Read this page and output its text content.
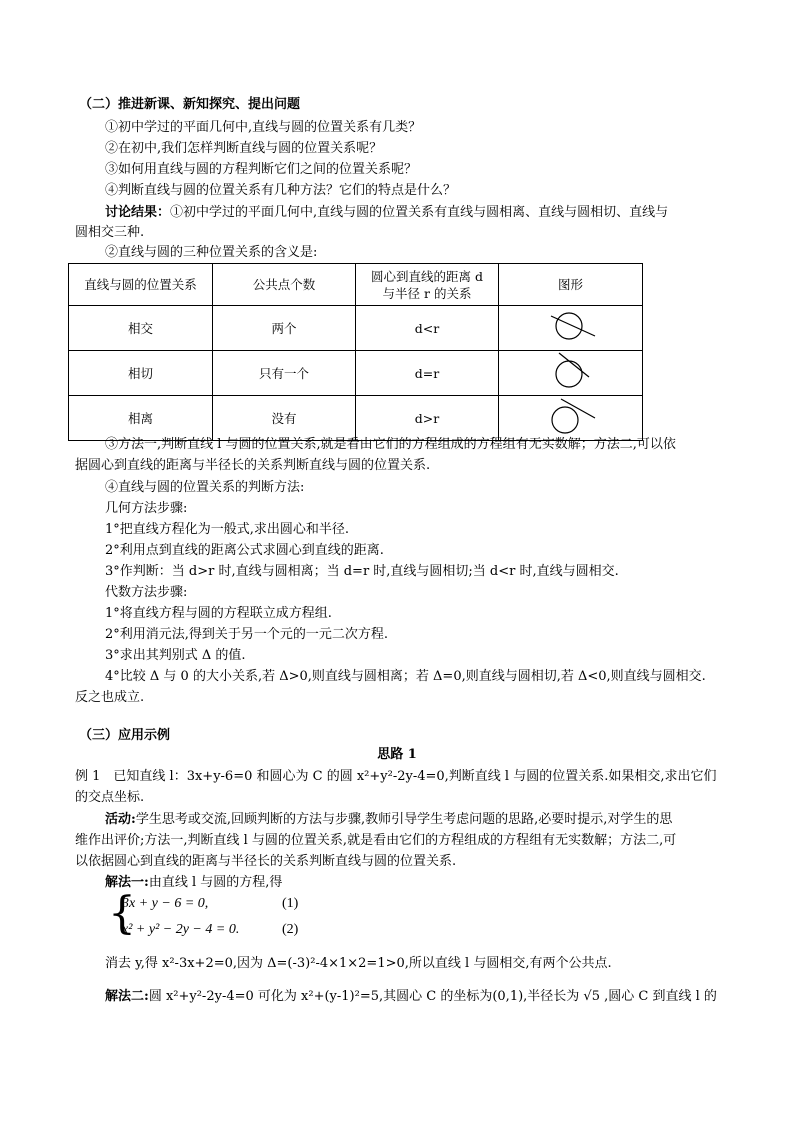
（二）推进新课、新知探究、提出问题
①初中学过的平面几何中,直线与圆的位置关系有几类？
②在初中,我们怎样判断直线与圆的位置关系呢？
③如何用直线与圆的方程判断它们之间的位置关系呢？
④判断直线与圆的位置关系有几种方法？它们的特点是什么？
讨论结果：①初中学过的平面几何中,直线与圆的位置关系有直线与圆相离、直线与圆相切、直线与
圆相交三种.
②直线与圆的三种位置关系的含义是:
直线与圆的位置关系	公共点个数	圆心到直线的距离 d
与半径 r 的关系	图形
相交	两个	d<r	
相切	只有一个	d=r	
相离	没有	d>r	
③方法一,判断直线 l 与圆的位置关系,就是看由它们的方程组成的方程组有无实数解；方法二,可以依
据圆心到直线的距离与半径长的关系判断直线与圆的位置关系.
④直线与圆的位置关系的判断方法:
几何方法步骤:
1°把直线方程化为一般式,求出圆心和半径.
2°利用点到直线的距离公式求圆心到直线的距离.
3°作判断：当 d>r 时,直线与圆相离；当 d=r 时,直线与圆相切;当 d<r 时,直线与圆相交.
代数方法步骤:
1°将直线方程与圆的方程联立成方程组.
2°利用消元法,得到关于另一个元的一元二次方程.
3°求出其判别式 Δ 的值.
4°比较 Δ 与 0 的大小关系,若 Δ>0,则直线与圆相离；若 Δ=0,则直线与圆相切,若 Δ<0,则直线与圆相交.
反之也成立.
（三）应用示例
思路 1
例 1　已知直线 l：3x+y-6=0 和圆心为 C 的圆 x²+y²-2y-4=0,判断直线 l 与圆的位置关系.如果相交,求出它们
的交点坐标.
活动:学生思考或交流,回顾判断的方法与步骤,教师引导学生考虑问题的思路,必要时提示,对学生的思
维作出评价;方法一,判断直线 l 与圆的位置关系,就是看由它们的方程组成的方程组有无实数解；方法二,可
以依据圆心到直线的距离与半径长的关系判断直线与圆的位置关系.
解法一:由直线 l 与圆的方程,得
{
3x + y − 6 = 0,	(1)
x² + y² − 2y − 4 = 0.	(2)
消去 y,得 x²-3x+2=0,因为 Δ=(-3)²-4×1×2=1>0,所以直线 l 与圆相交,有两个公共点.
解法二:圆 x²+y²-2y-4=0 可化为 x²+(y-1)²=5,其圆心 C 的坐标为(0,1),半径长为 √5 ,圆心 C 到直线 l 的
